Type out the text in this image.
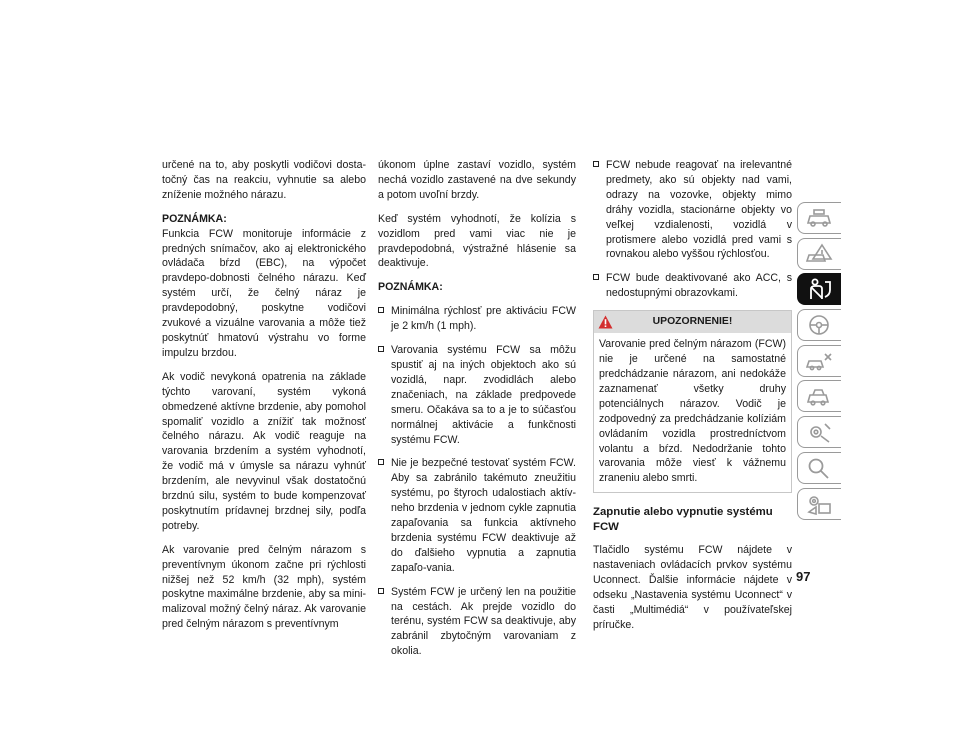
určené na to, aby poskytli vodičovi dosta-točný čas na reakciu, vyhnutie sa alebo zníženie možného nárazu.

POZNÁMKA:
Funkcia FCW monitoruje informácie z predných snímačov, ako aj elektronického ovládača bŕzd (EBC), na výpočet pravdepo-dobnosti čelného nárazu. Keď systém určí, že čelný náraz je pravdepodobný, poskytne vodičovi zvukové a vizuálne varovania a môže tiež poskytnúť hmatovú výstrahu vo forme impulzu brzdou.

Ak vodič nevykoná opatrenia na základe týchto varovaní, systém vykoná obmedzené aktívne brzdenie, aby pomohol spomaliť vozidlo a znížiť tak možnosť čelného nárazu. Ak vodič reaguje na varovania brzdením a systém vyhodnotí, že vodič má v úmysle sa nárazu vyhnúť brzdením, ale nevyvinul však dostatočnú brzdnú silu, systém to bude kompenzovať poskytnutím prídavnej brzdnej sily, podľa potreby.

Ak varovanie pred čelným nárazom s preventívnym úkonom začne pri rýchlosti nižšej než 52 km/h (32 mph), systém poskytne maximálne brzdenie, aby sa mini-malizoval možný čelný náraz. Ak varovanie pred čelným nárazom s preventívnym

úkonom úplne zastaví vozidlo, systém nechá vozidlo zastavené na dve sekundy a potom uvoľní brzdy.

Keď systém vyhodnotí, že kolízia s vozidlom pred vami viac nie je pravdepodobná, výstražné hlásenie sa deaktivuje.

POZNÁMKA:

Minimálna rýchlosť pre aktiváciu FCW je 2 km/h (1 mph).
Varovania systému FCW sa môžu spustiť aj na iných objektoch ako sú vozidlá, napr. zvodidlách alebo značeniach, na základe predpovede smeru. Očakáva sa to a je to súčasťou normálnej aktivácie a funkčnosti systému FCW.
Nie je bezpečné testovať systém FCW. Aby sa zabránilo takémuto zneužitiu systému, po štyroch udalostiach aktív-neho brzdenia v jednom cykle zapnutia zapaľovania sa funkcia aktívneho brzdenia systému FCW deaktivuje až do ďalšieho vypnutia a zapnutia zapaľo-vania.
Systém FCW je určený len na použitie na cestách. Ak prejde vozidlo do terénu, systém FCW sa deaktivuje, aby zabránil zbytočným varovaniam z okolia.
FCW nebude reagovať na irelevantné predmety, ako sú objekty nad vami, odrazy na vozovke, objekty mimo dráhy vozidla, stacionárne objekty vo veľkej vzdialenosti, vozidlá v protismere alebo vozidlá pred vami s rovnakou alebo vyššou rýchlosťou.
FCW bude deaktivované ako ACC, s nedostupnými obrazovkami.
UPOZORNENIE!
Varovanie pred čelným nárazom (FCW) nie je určené na samostatné predchádzanie nárazom, ani nedokáže zaznamenať všetky druhy potenciálnych nárazov. Vodič je zodpovedný za predchádzanie kolíziám ovládaním vozidla prostredníctvom volantu a bŕzd. Nedodržanie tohto varovania môže viesť k vážnemu zraneniu alebo smrti.
Zapnutie alebo vypnutie systému FCW

Tlačidlo systému FCW nájdete v nastaveniach ovládacích prvkov systému Uconnect. Ďalšie informácie nájdete v odseku „Nastavenia systému Uconnect“ v časti „Multimédiá“ v používateľskej príručke.

97
